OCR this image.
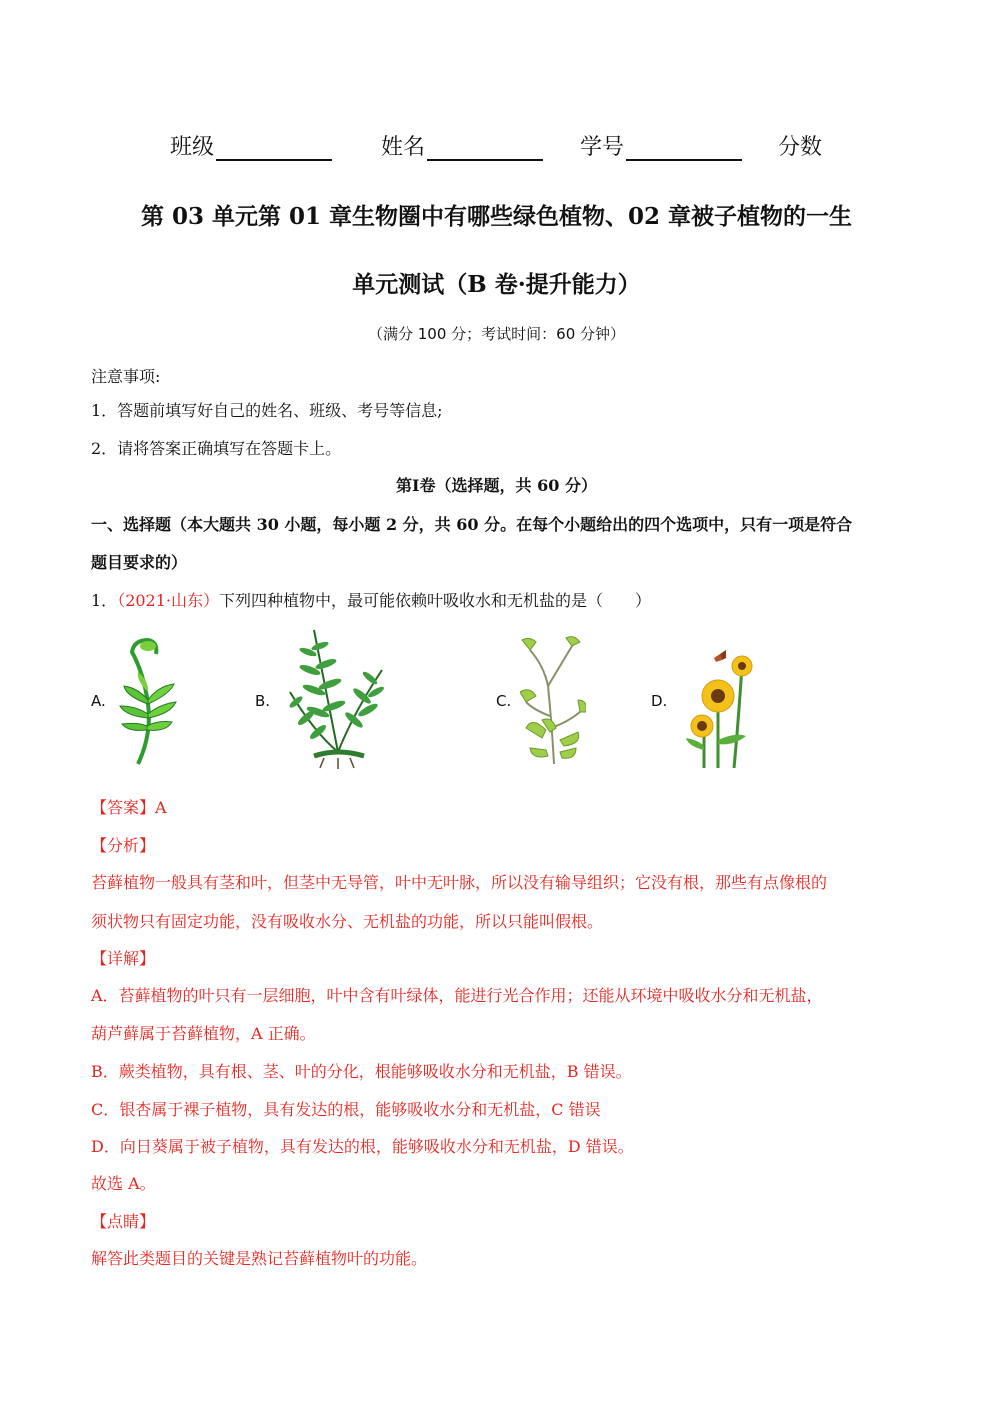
班级	姓名	学号	分数
第 03 单元第 01 章生物圈中有哪些绿色植物、02 章被子植物的一生
单元测试（B 卷·提升能力）
（满分 100 分；考试时间：60 分钟）
注意事项:
1．答题前填写好自己的姓名、班级、考号等信息;
2．请将答案正确填写在答题卡上。
第Ⅰ卷（选择题，共 60 分）
一、选择题（本大题共 30 小题，每小题 2 分，共 60 分。在每个小题给出的四个选项中，只有一项是符合
题目要求的）
1．（2021·山东）下列四种植物中，最可能依赖叶吸收水和无机盐的是（　　）
A.	B.	C.	D.
【答案】A
【分析】
苔藓植物一般具有茎和叶，但茎中无导管，叶中无叶脉，所以没有输导组织；它没有根，那些有点像根的
须状物只有固定功能，没有吸收水分、无机盐的功能，所以只能叫假根。
【详解】
A．苔藓植物的叶只有一层细胞，叶中含有叶绿体，能进行光合作用；还能从环境中吸收水分和无机盐，
葫芦藓属于苔藓植物，A 正确。
B．蕨类植物，具有根、茎、叶的分化，根能够吸收水分和无机盐，B 错误。
C．银杏属于裸子植物，具有发达的根，能够吸收水分和无机盐，C 错误
D．向日葵属于被子植物，具有发达的根，能够吸收水分和无机盐，D 错误。
故选 A。
【点睛】
解答此类题目的关键是熟记苔藓植物叶的功能。
